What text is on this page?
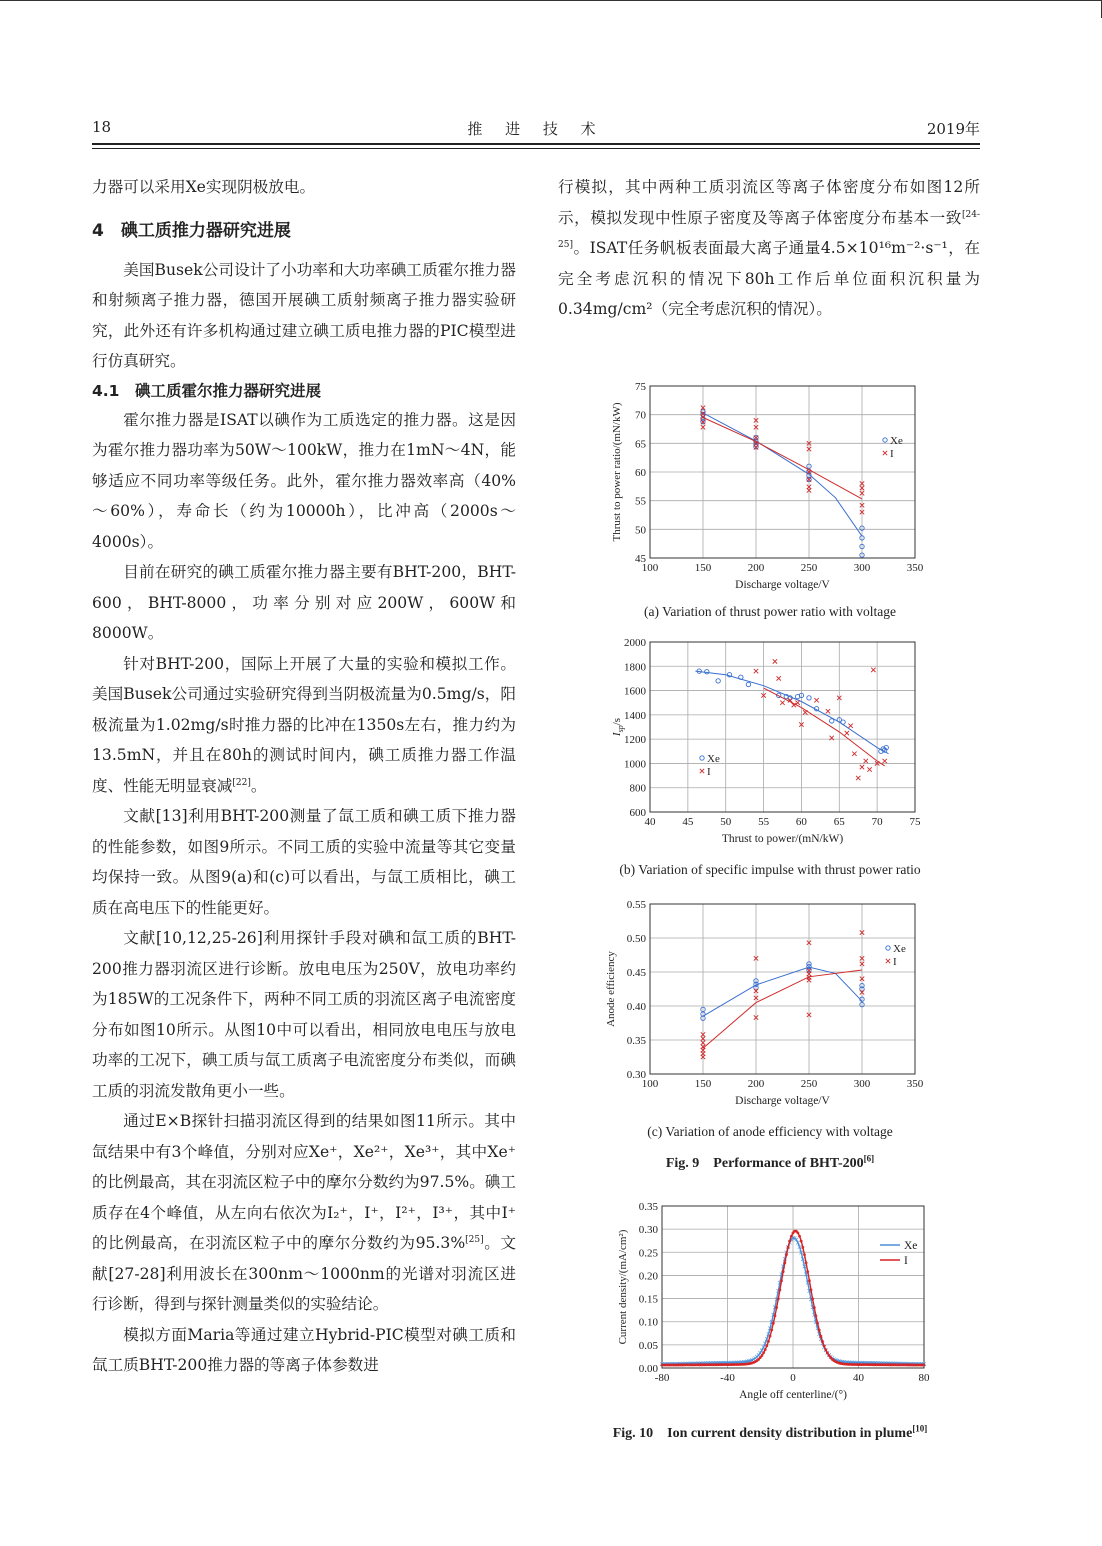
18	推 进 技 术	2019年

力器可以采用Xe实现阴极放电。

4　碘工质推力器研究进展

美国Busek公司设计了小功率和大功率碘工质霍尔推力器和射频离子推力器，德国开展碘工质射频离子推力器实验研究，此外还有许多机构通过建立碘工质电推力器的PIC模型进行仿真研究。

4.1　碘工质霍尔推力器研究进展

霍尔推力器是ISAT以碘作为工质选定的推力器。这是因为霍尔推力器功率为50W～100kW，推力在1mN～4N，能够适应不同功率等级任务。此外，霍尔推力器效率高（40%～60%），寿命长（约为10000h），比冲高（2000s～4000s）。

目前在研究的碘工质霍尔推力器主要有BHT-200，BHT-600，BHT-8000，功率分别对应200W，600W和8000W。

针对BHT-200，国际上开展了大量的实验和模拟工作。美国Busek公司通过实验研究得到当阴极流量为0.5mg/s，阳极流量为1.02mg/s时推力器的比冲在1350s左右，推力约为13.5mN，并且在80h的测试时间内，碘工质推力器工作温度、性能无明显衰减[22]。

文献[13]利用BHT-200测量了氙工质和碘工质下推力器的性能参数，如图9所示。不同工质的实验中流量等其它变量均保持一致。从图9(a)和(c)可以看出，与氙工质相比，碘工质在高电压下的性能更好。

文献[10,12,25-26]利用探针手段对碘和氙工质的BHT-200推力器羽流区进行诊断。放电电压为250V，放电功率约为185W的工况条件下，两种不同工质的羽流区离子电流密度分布如图10所示。从图10中可以看出，相同放电电压与放电功率的工况下，碘工质与氙工质离子电流密度分布类似，而碘工质的羽流发散角更小一些。

通过E×B探针扫描羽流区得到的结果如图11所示。其中氙结果中有3个峰值，分别对应Xe⁺，Xe²⁺，Xe³⁺，其中Xe⁺的比例最高，其在羽流区粒子中的摩尔分数约为97.5%。碘工质存在4个峰值，从左向右依次为I₂⁺，I⁺，I²⁺，I³⁺，其中I⁺的比例最高，在羽流区粒子中的摩尔分数约为95.3%[25]。文献[27-28]利用波长在300nm～1000nm的光谱对羽流区进行诊断，得到与探针测量类似的实验结论。

模拟方面Maria等通过建立Hybrid-PIC模型对碘工质和氙工质BHT-200推力器的等离子体参数进

行模拟，其中两种工质羽流区等离子体密度分布如图12所示，模拟发现中性原子密度及等离子体密度分布基本一致[24-25]。ISAT任务帆板表面最大离子通量4.5×10¹⁶m⁻²·s⁻¹，在完全考虑沉积的情况下80h工作后单位面积沉积量为0.34mg/cm²（完全考虑沉积的情况）。

100	150	200	250	300	350
45
50
55
60
65
70
75
Discharge voltage/V
Thrust to power ratio/(mN/kW)	Xe
I
(a) Variation of thrust power ratio with voltage
40 45 50 55 60 65 70 75
600
800
1000
1200
1400
1600
1800
2000
Thrust to power/(mN/kW)
$I_{sp}/s$
Xe
I
(b) Variation of specific impulse with thrust power ratio
100	150	200	250	300	350
0.30
0.35
0.40
0.45
0.50
0.55
Discharge voltage/V
Anode efficiency
Xe
I
(c) Variation of anode efficiency with voltage
Fig. 9　Performance of BHT-200[6]
-80	-40	0	40	80
0.00
0.05
0.10
0.15
0.20
0.25
0.30
0.35
Angle off centerline/(°)
Current density/(mA/cm²)	Xe
I
Fig. 10　Ion current density distribution in plume[10]
